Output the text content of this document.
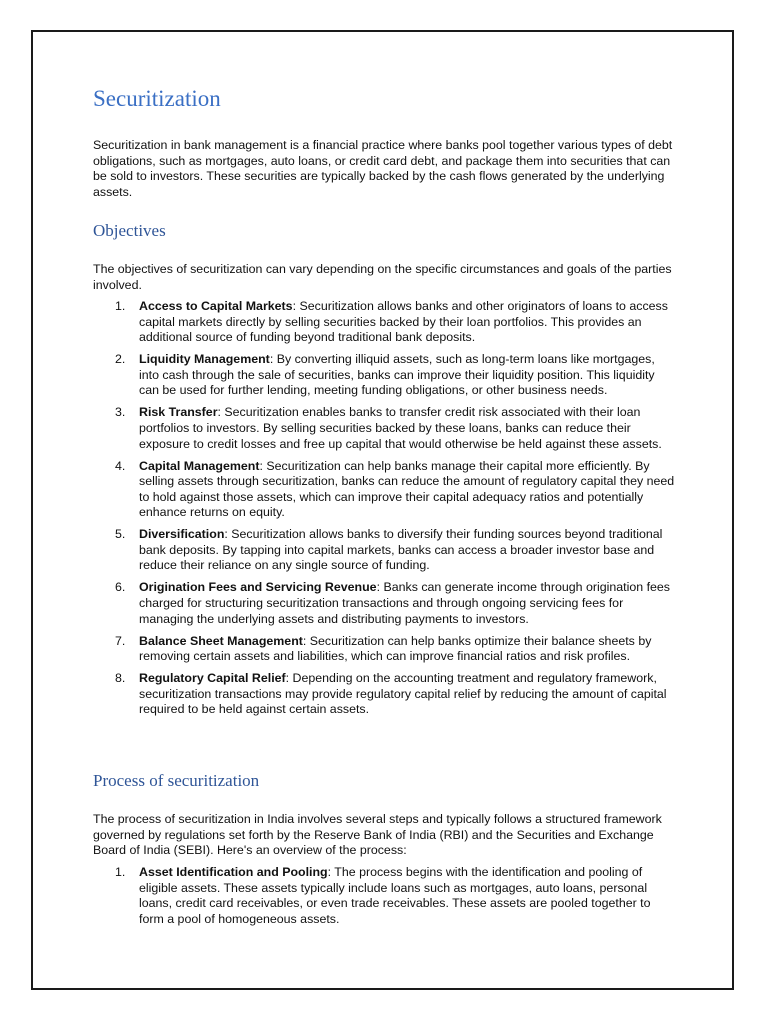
Securitization

Securitization in bank management is a financial practice where banks pool together various types of debt obligations, such as mortgages, auto loans, or credit card debt, and package them into securities that can be sold to investors. These securities are typically backed by the cash flows generated by the underlying assets.

Objectives

The objectives of securitization can vary depending on the specific circumstances and goals of the parties involved.

1. Access to Capital Markets: Securitization allows banks and other originators of loans to access capital markets directly by selling securities backed by their loan portfolios. This provides an additional source of funding beyond traditional bank deposits.
2. Liquidity Management: By converting illiquid assets, such as long-term loans like mortgages, into cash through the sale of securities, banks can improve their liquidity position. This liquidity can be used for further lending, meeting funding obligations, or other business needs.
3. Risk Transfer: Securitization enables banks to transfer credit risk associated with their loan portfolios to investors. By selling securities backed by these loans, banks can reduce their exposure to credit losses and free up capital that would otherwise be held against these assets.
4. Capital Management: Securitization can help banks manage their capital more efficiently. By selling assets through securitization, banks can reduce the amount of regulatory capital they need to hold against those assets, which can improve their capital adequacy ratios and potentially enhance returns on equity.
5. Diversification: Securitization allows banks to diversify their funding sources beyond traditional bank deposits. By tapping into capital markets, banks can access a broader investor base and reduce their reliance on any single source of funding.
6. Origination Fees and Servicing Revenue: Banks can generate income through origination fees charged for structuring securitization transactions and through ongoing servicing fees for managing the underlying assets and distributing payments to investors.
7. Balance Sheet Management: Securitization can help banks optimize their balance sheets by removing certain assets and liabilities, which can improve financial ratios and risk profiles.
8. Regulatory Capital Relief: Depending on the accounting treatment and regulatory framework, securitization transactions may provide regulatory capital relief by reducing the amount of capital required to be held against certain assets.
Process of securitization

The process of securitization in India involves several steps and typically follows a structured framework governed by regulations set forth by the Reserve Bank of India (RBI) and the Securities and Exchange Board of India (SEBI). Here's an overview of the process:

1. Asset Identification and Pooling: The process begins with the identification and pooling of eligible assets. These assets typically include loans such as mortgages, auto loans, personal loans, credit card receivables, or even trade receivables. These assets are pooled together to form a pool of homogeneous assets.
